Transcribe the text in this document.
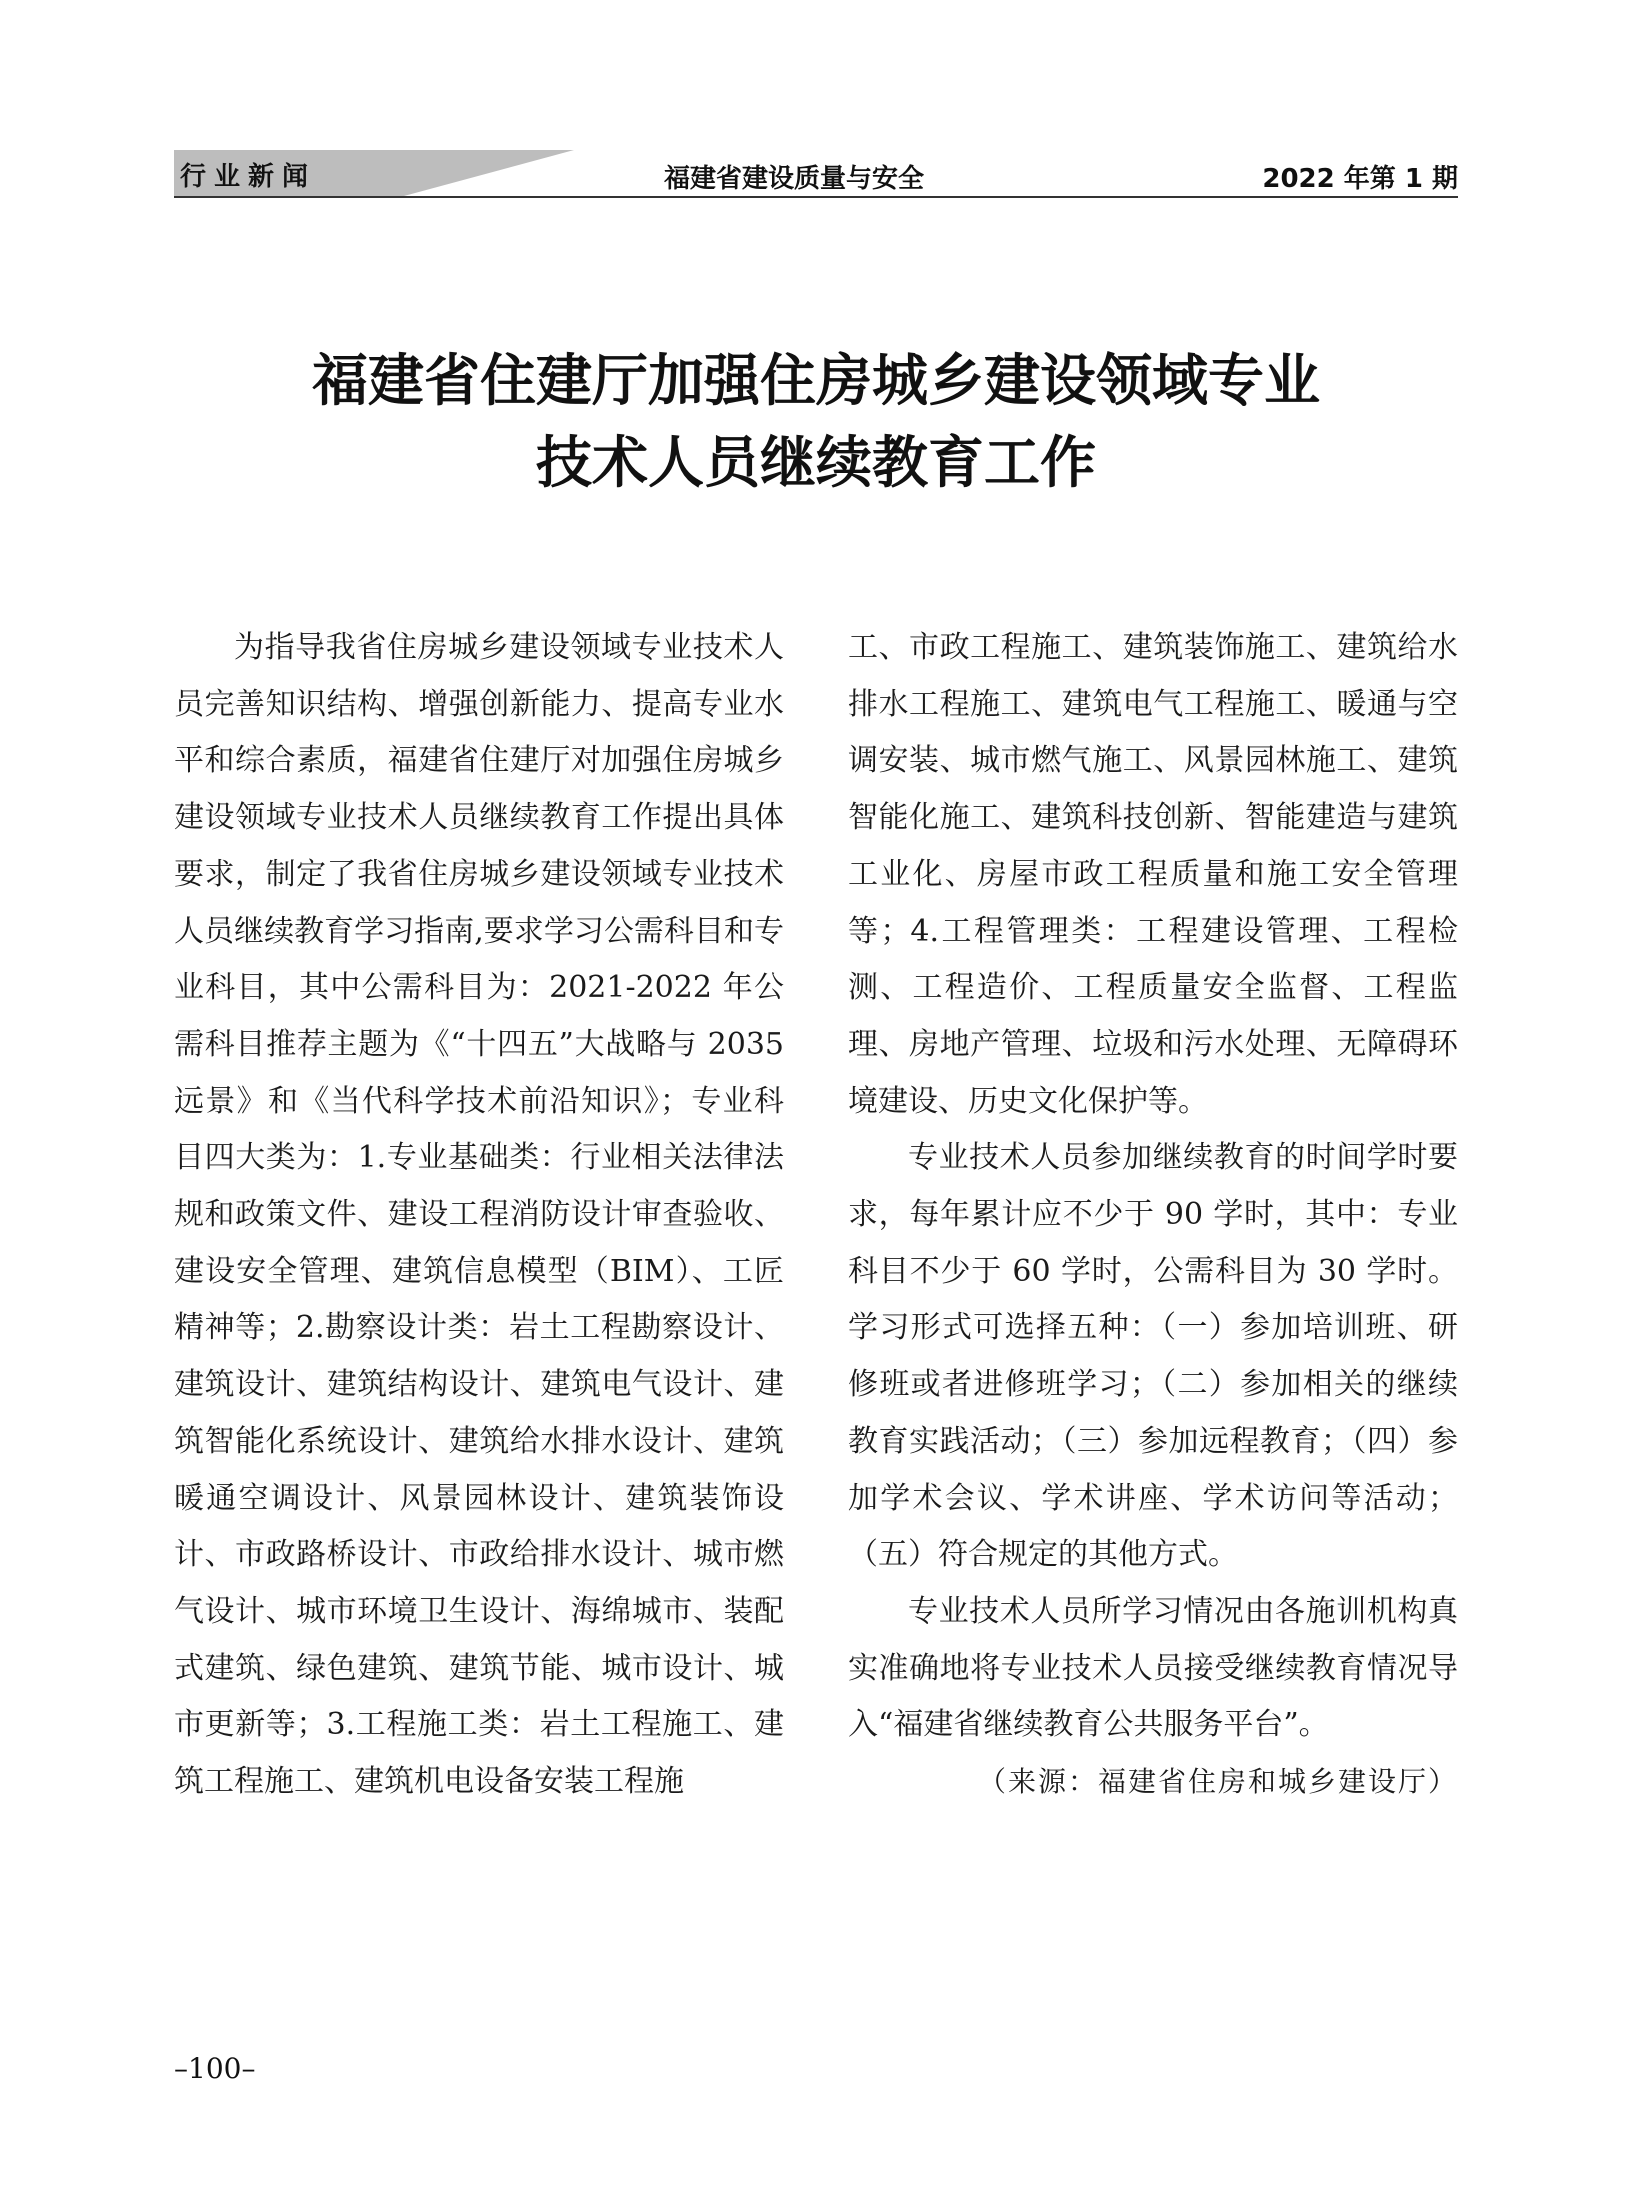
行业新闻	福建省建设质量与安全	2022 年第 1 期
福建省住建厅加强住房城乡建设领域专业
技术人员继续教育工作

为指导我省住房城乡建设领域专业技术人员完善知识结构、增强创新能力、提高专业水平和综合素质，福建省住建厅对加强住房城乡建设领域专业技术人员继续教育工作提出具体要求，制定了我省住房城乡建设领域专业技术人员继续教育学习指南,要求学习公需科目和专业科目，其中公需科目为：2021-2022 年公需科目推荐主题为《“十四五”大战略与 2035 远景》和《当代科学技术前沿知识》；专业科目四大类为：1.专业基础类：行业相关法律法规和政策文件、建设工程消防设计审查验收、建设安全管理、建筑信息模型（BIM）、工匠精神等；2.勘察设计类：岩土工程勘察设计、建筑设计、建筑结构设计、建筑电气设计、建筑智能化系统设计、建筑给水排水设计、建筑暖通空调设计、风景园林设计、建筑装饰设计、市政路桥设计、市政给排水设计、城市燃气设计、城市环境卫生设计、海绵城市、装配式建筑、绿色建筑、建筑节能、城市设计、城市更新等；3.工程施工类：岩土工程施工、建筑工程施工、建筑机电设备安装工程施

工、市政工程施工、建筑装饰施工、建筑给水排水工程施工、建筑电气工程施工、暖通与空调安装、城市燃气施工、风景园林施工、建筑智能化施工、建筑科技创新、智能建造与建筑工业化、房屋市政工程质量和施工安全管理等；4.工程管理类：工程建设管理、工程检测、工程造价、工程质量安全监督、工程监理、房地产管理、垃圾和污水处理、无障碍环境建设、历史文化保护等。

专业技术人员参加继续教育的时间学时要求，每年累计应不少于 90 学时，其中：专业科目不少于 60 学时，公需科目为 30 学时。学习形式可选择五种：（一）参加培训班、研修班或者进修班学习；（二）参加相关的继续教育实践活动；（三）参加远程教育；（四）参加学术会议、学术讲座、学术访问等活动；（五）符合规定的其他方式。

专业技术人员所学习情况由各施训机构真实准确地将专业技术人员接受继续教育情况导入“福建省继续教育公共服务平台”。

（来源：福建省住房和城乡建设厅）

–100–
